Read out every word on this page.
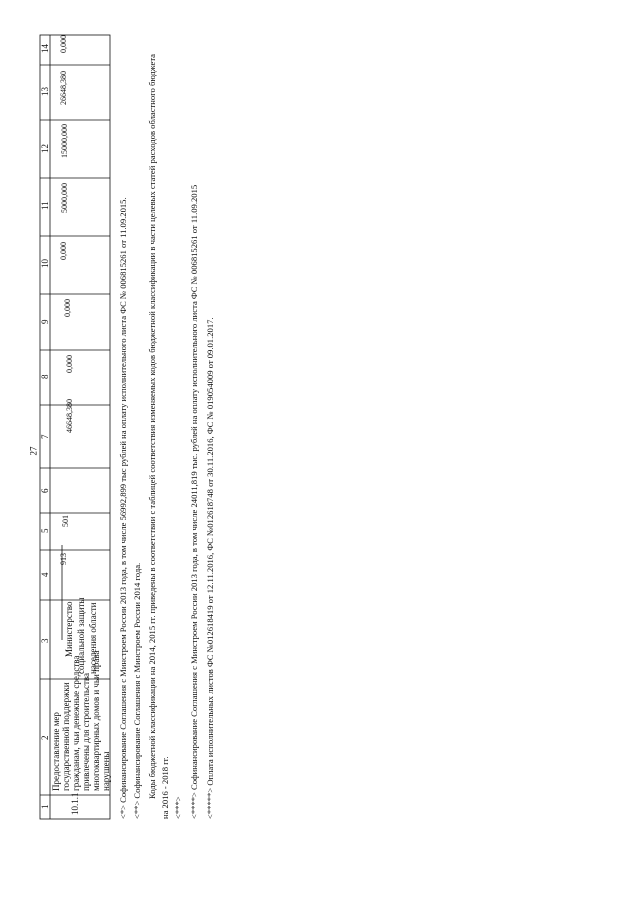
27
1
2
3
4
5
6
7
8
9
10
11
12
13
14
10.1.1
Предоставление мер государственной поддержки гражданам, чьи денежные средства привлечены для строительства многоквартирных домов и чьи права нарушены
Министерство социальной защиты населения области
913
501
46648,380
0,000
0,000
0,000
5000,000
15000,000
26648,380
0,000
<*> Софинансирование Соглашения с Минстроем России 2013 года, в том числе 56992,899 тыс рублей на оплату исполнительного листа ФС № 006815261 от 11.09.2015. <**> Софинансирование Соглашения с Минстроем России 2014 года. Коды бюджетной классификации на 2014, 2015 гг. приведены в соответствии с таблицей соответствия изменяемых кодов бюджетной классификации в части целевых статей расходов областного бюджета на 2016 - 2018 гг. <***> <****> Софинансирование Соглашения с Минстроем России 2013 года, в том числе 24011,819 тыс. рублей на оплату исполнительного листа ФС № 006815261 от 11.09.2015 <*****> Оплата исполнительных листов ФС №012618419 от 12.11.2016, ФС №012618748 от 30.11.2016, ФС № 019054009 от 09.01.2017.
